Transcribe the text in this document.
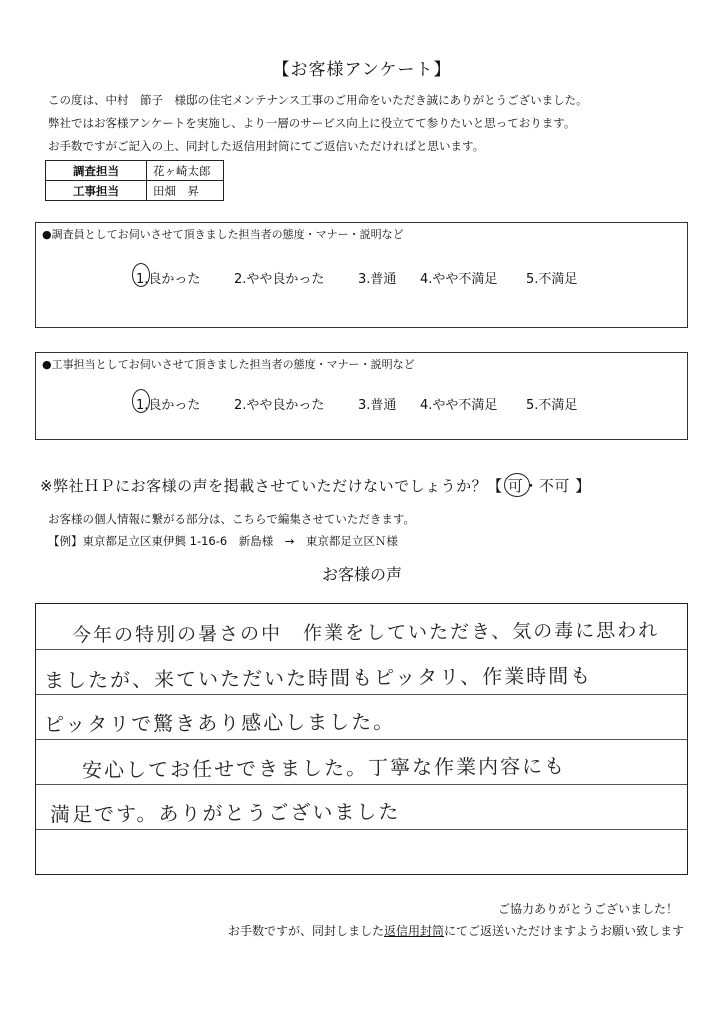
【お客様アンケート】
この度は、中村　節子　様邸の住宅メンテナンス工事のご用命をいただき誠にありがとうございました。
弊社ではお客様アンケートを実施し、より一層のサービス向上に役立てて参りたいと思っております。
お手数ですがご記入の上、同封した返信用封筒にてご返信いただければと思います。
調査担当	花ヶ崎太郎
工事担当	田畑　昇
●調査員としてお伺いさせて頂きました担当者の態度・マナー・説明など
1.良かった	2.やや良かった	3.普通 4.やや不満足 5.不満足
●工事担当としてお伺いさせて頂きました担当者の態度・マナー・説明など
1.良かった	2.やや良かった	3.普通 4.やや不満足 5.不満足
※弊社ＨＰにお客様の声を掲載させていただけないでしょうか？【 可・不可 】
お客様の個人情報に繋がる部分は、こちらで編集させていただきます。
【例】東京都足立区東伊興 1-16-6　新島様　→　東京都足立区Ｎ様
お客様の声
今年の特別の暑さの中　作業をしていただき、気の毒に思われ
ましたが、来ていただいた時間もピッタリ、作業時間も
ピッタリで驚きあり感心しました。
安心してお任せできました。丁寧な作業内容にも
満足です。ありがとうございました
ご協力ありがとうございました！
お手数ですが、同封しました返信用封筒にてご返送いただけますようお願い致します
